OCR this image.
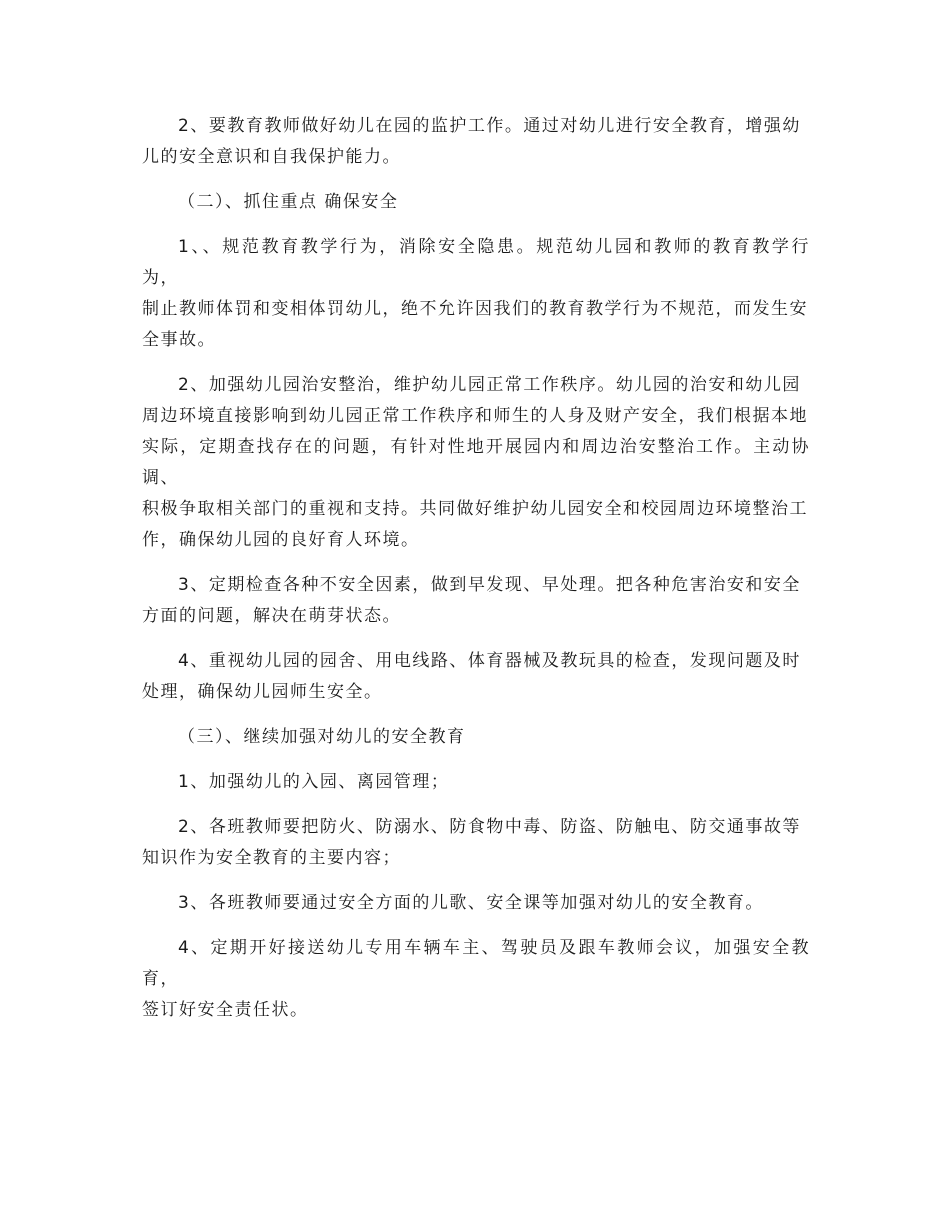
2、要教育教师做好幼儿在园的监护工作。通过对幼儿进行安全教育，增强幼
儿的安全意识和自我保护能力。

（二）、抓住重点 确保安全

1、、规范教育教学行为，消除安全隐患。规范幼儿园和教师的教育教学行为，
制止教师体罚和变相体罚幼儿，绝不允许因我们的教育教学行为不规范，而发生安
全事故。

2、加强幼儿园治安整治，维护幼儿园正常工作秩序。幼儿园的治安和幼儿园
周边环境直接影响到幼儿园正常工作秩序和师生的人身及财产安全，我们根据本地
实际，定期查找存在的问题，有针对性地开展园内和周边治安整治工作。主动协调、
积极争取相关部门的重视和支持。共同做好维护幼儿园安全和校园周边环境整治工
作，确保幼儿园的良好育人环境。

3、定期检查各种不安全因素，做到早发现、早处理。把各种危害治安和安全
方面的问题，解决在萌芽状态。

4、重视幼儿园的园舍、用电线路、体育器械及教玩具的检查，发现问题及时
处理，确保幼儿园师生安全。

（三）、继续加强对幼儿的安全教育

1、加强幼儿的入园、离园管理；

2、各班教师要把防火、防溺水、防食物中毒、防盗、防触电、防交通事故等
知识作为安全教育的主要内容；

3、各班教师要通过安全方面的儿歌、安全课等加强对幼儿的安全教育。

4、定期开好接送幼儿专用车辆车主、驾驶员及跟车教师会议，加强安全教育，
签订好安全责任状。
